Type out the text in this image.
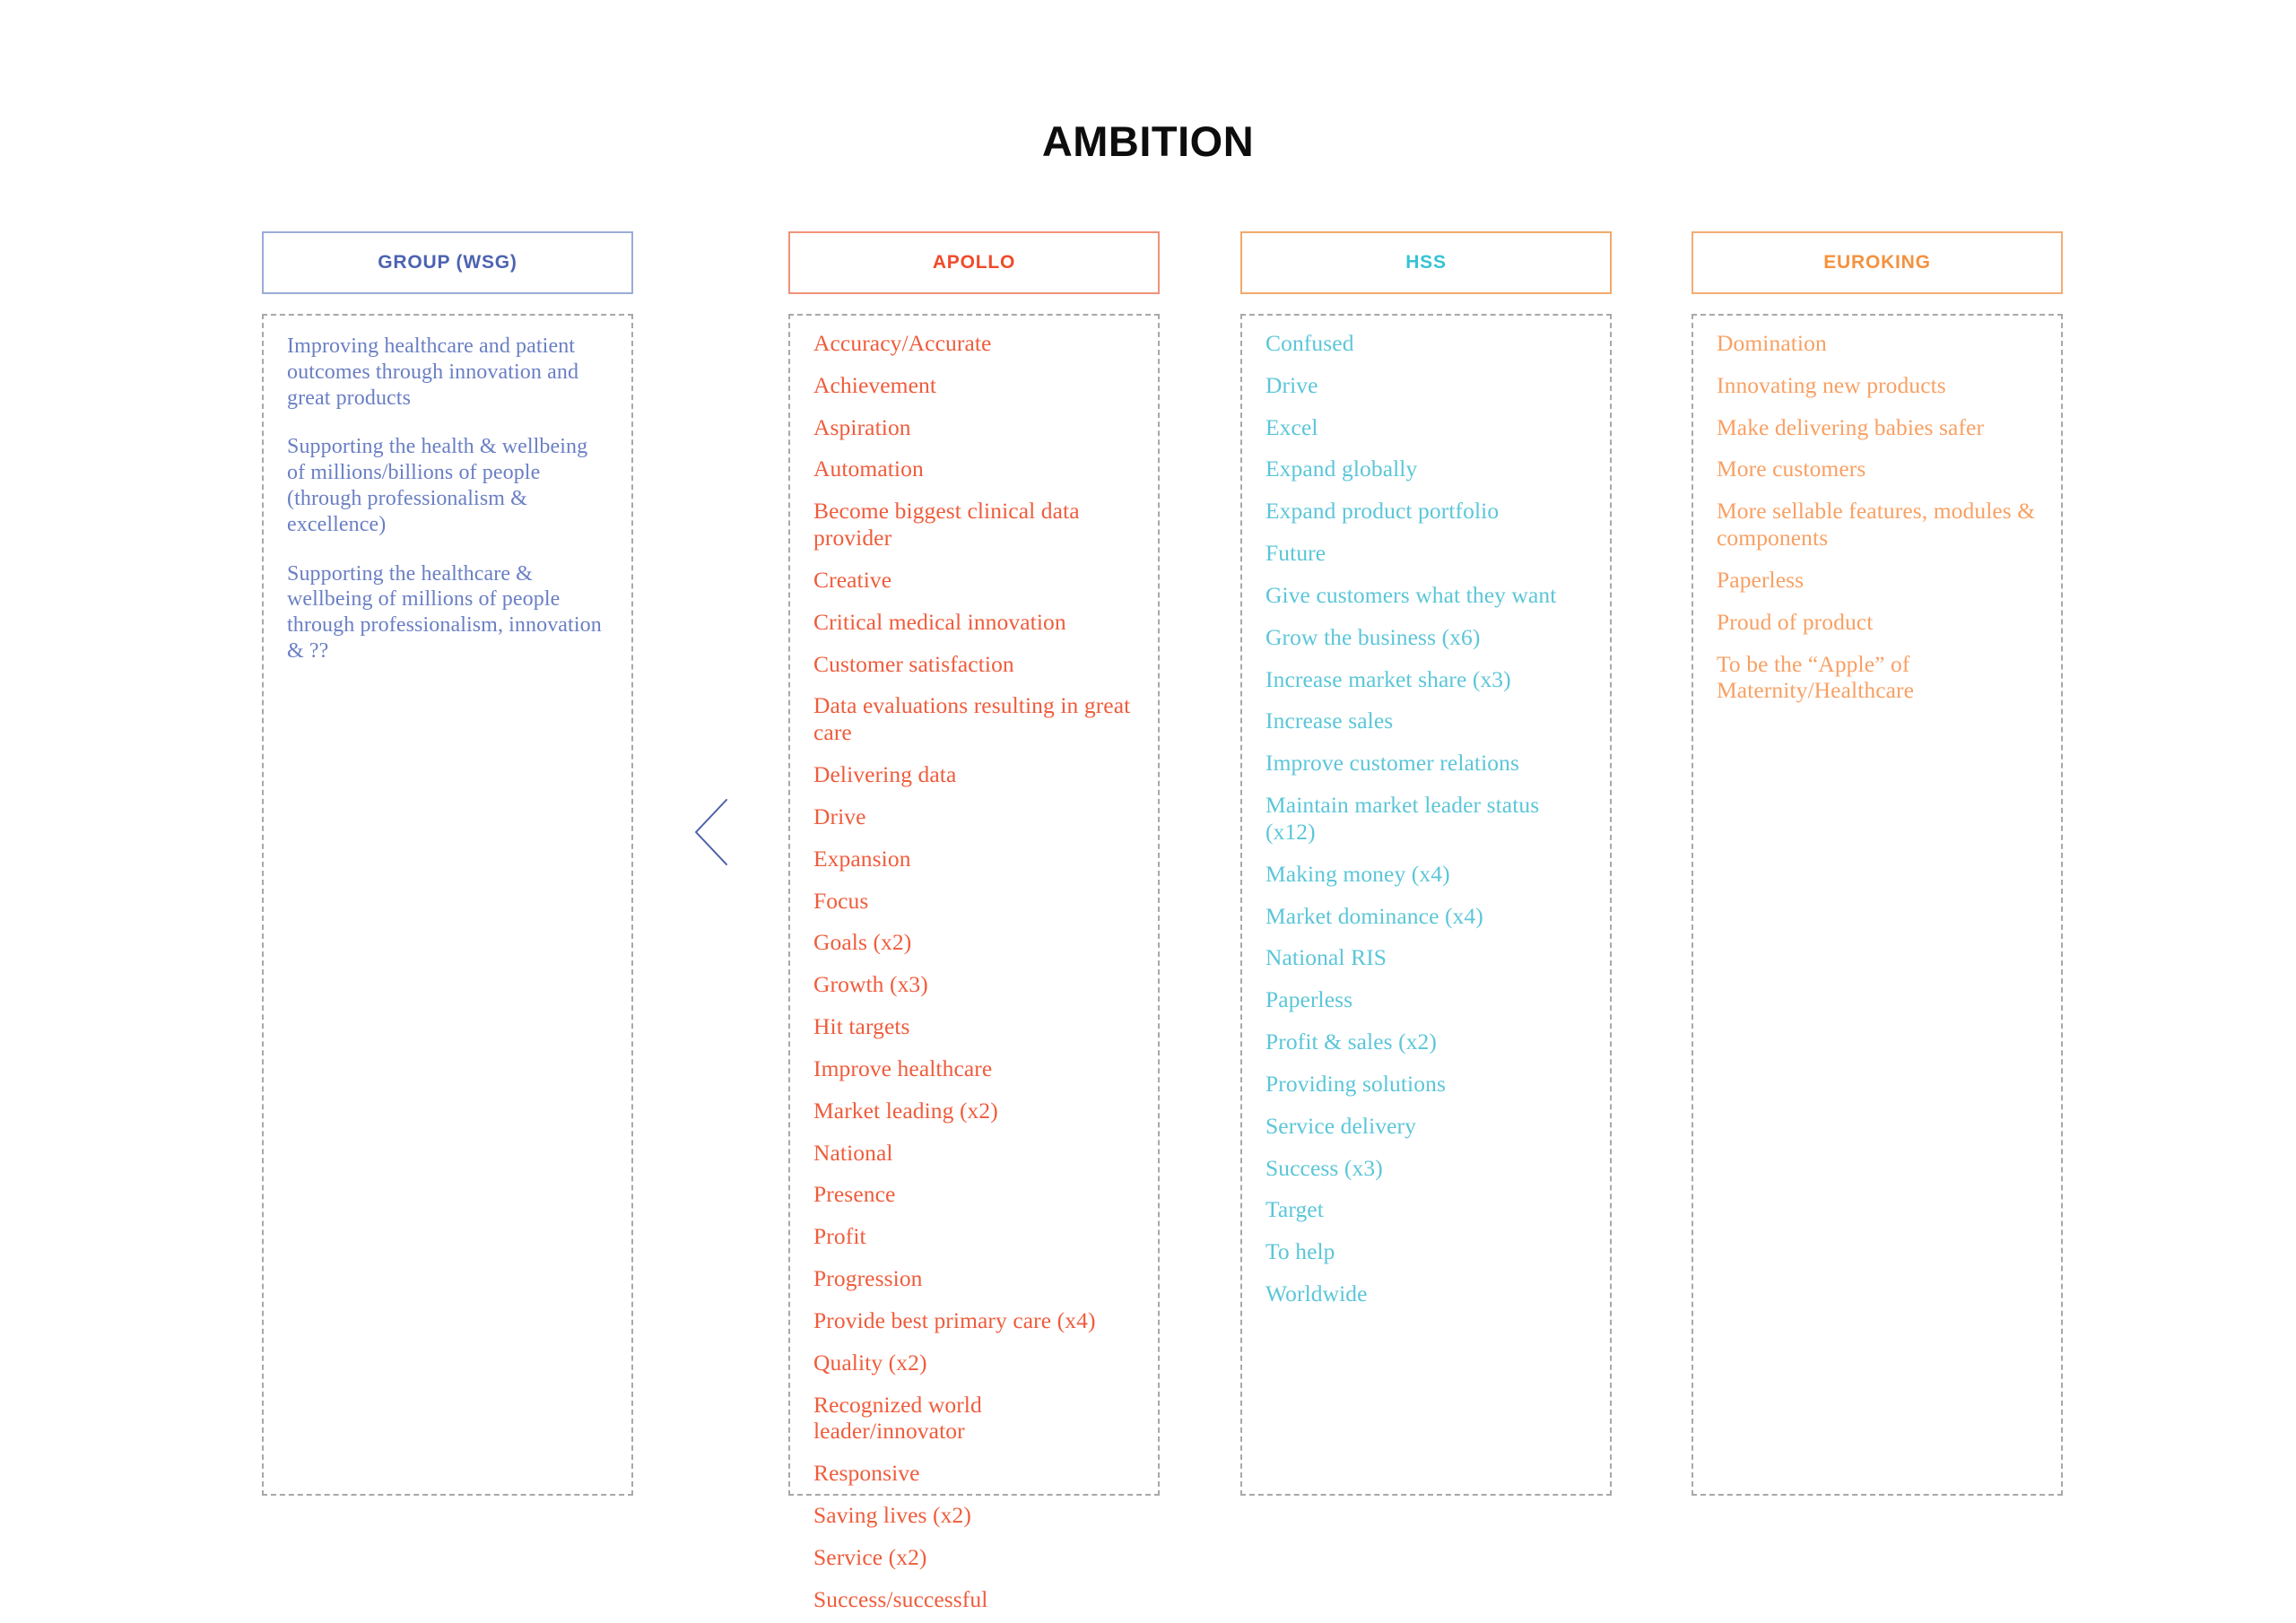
AMBITION
GROUP (WSG)

Improving healthcare and patient outcomes through innovation and great products

Supporting the health & wellbeing of millions/billions of people (through professionalism & excellence)

Supporting the healthcare & wellbeing of millions of people through professionalism, innovation & ??

APOLLO

Accuracy/Accurate

Achievement

Aspiration

Automation

Become biggest clinical data provider

Creative

Critical medical innovation

Customer satisfaction

Data evaluations resulting in great care

Delivering data

Drive

Expansion

Focus

Goals (x2)

Growth (x3)

Hit targets

Improve healthcare

Market leading (x2)

National

Presence

Profit

Progression

Provide best primary care (x4)

Quality (x2)

Recognized world leader/innovator

Responsive

Saving lives (x2)

Service (x2)

Success/successful

HSS

Confused

Drive

Excel

Expand globally

Expand product portfolio

Future

Give customers what they want

Grow the business (x6)

Increase market share (x3)

Increase sales

Improve customer relations

Maintain market leader status (x12)

Making money (x4)

Market dominance (x4)

National RIS

Paperless

Profit & sales (x2)

Providing solutions

Service delivery

Success (x3)

Target

To help

Worldwide

EUROKING

Domination

Innovating new products

Make delivering babies safer

More customers

More sellable features, modules & components

Paperless

Proud of product

To be the “Apple” of Maternity/Healthcare
